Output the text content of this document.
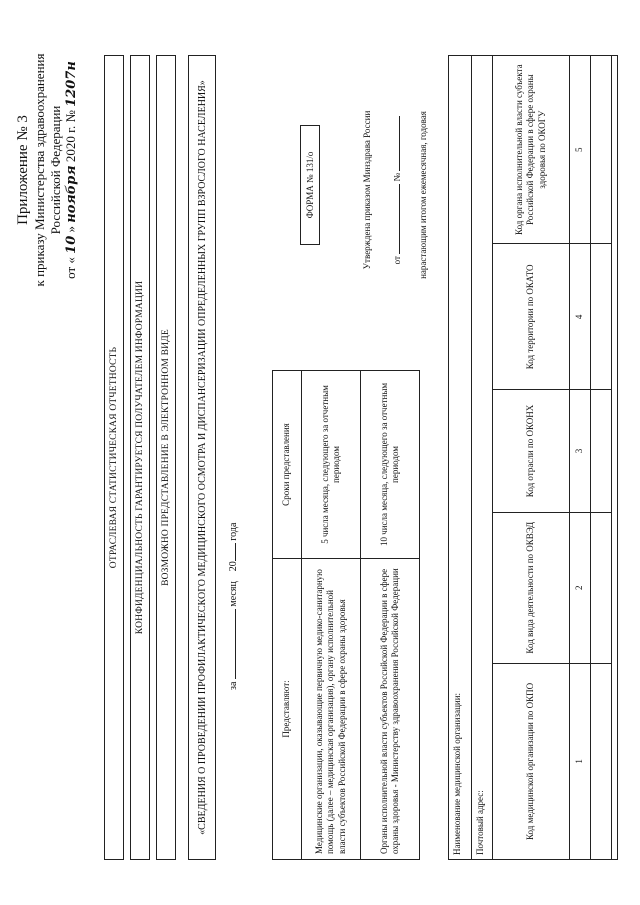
Приложение № 3 к приказу Министерства здравоохранения Российской Федерации
от « 10 » ноября 2020 г. № 1207н
ОТРАСЛЕВАЯ СТАТИСТИЧЕСКАЯ ОТЧЕТНОСТЬ КОНФИДЕНЦИАЛЬНОСТЬ ГАРАНТИРУЕТСЯ ПОЛУЧАТЕЛЕМ ИНФОРМАЦИИ ВОЗМОЖНО ПРЕДСТАВЛЕНИЕ В ЭЛЕКТРОННОМ ВИДЕ	«СВЕДЕНИЯ О ПРОВЕДЕНИИ ПРОФИЛАКТИЧЕСКОГО МЕДИЦИНСКОГО ОСМОТРА И ДИСПАНСЕРИЗАЦИИ ОПРЕДЕЛЕННЫХ ГРУПП ВЗРОСЛОГО НАСЕЛЕНИЯ» за  месяц    20 года
Представляют:	Сроки представления
Медицинские организации, оказывающие первичную медико-санитарную помощь (далее – медицинская организация), органу исполнительной власти субъектов Российской Федерации в сфере охраны здоровья	5 числа месяца, следующего за отчетным периодом
Органы исполнительной власти субъектов Российской Федерации в сфере охраны здоровья - Министерству здравоохранения Российской Федерации	10 числа месяца, следующего за отчетным периодом
ФОРМА № 131/о	Утверждена приказом Минздрава России от  № нарастающим итогом ежемесячная, годовая
Наименование медицинской организации: Почтовый адрес:	Код медицинской организации по ОКПО	Код вида деятельности по ОКВЭД	Код отрасли по ОКОНХ	Код территории по ОКАТО	Код органа исполнительной власти субъекта Российской Федерации в сфере охраны здоровья по ОКОГУ
1	2	3	4	5
